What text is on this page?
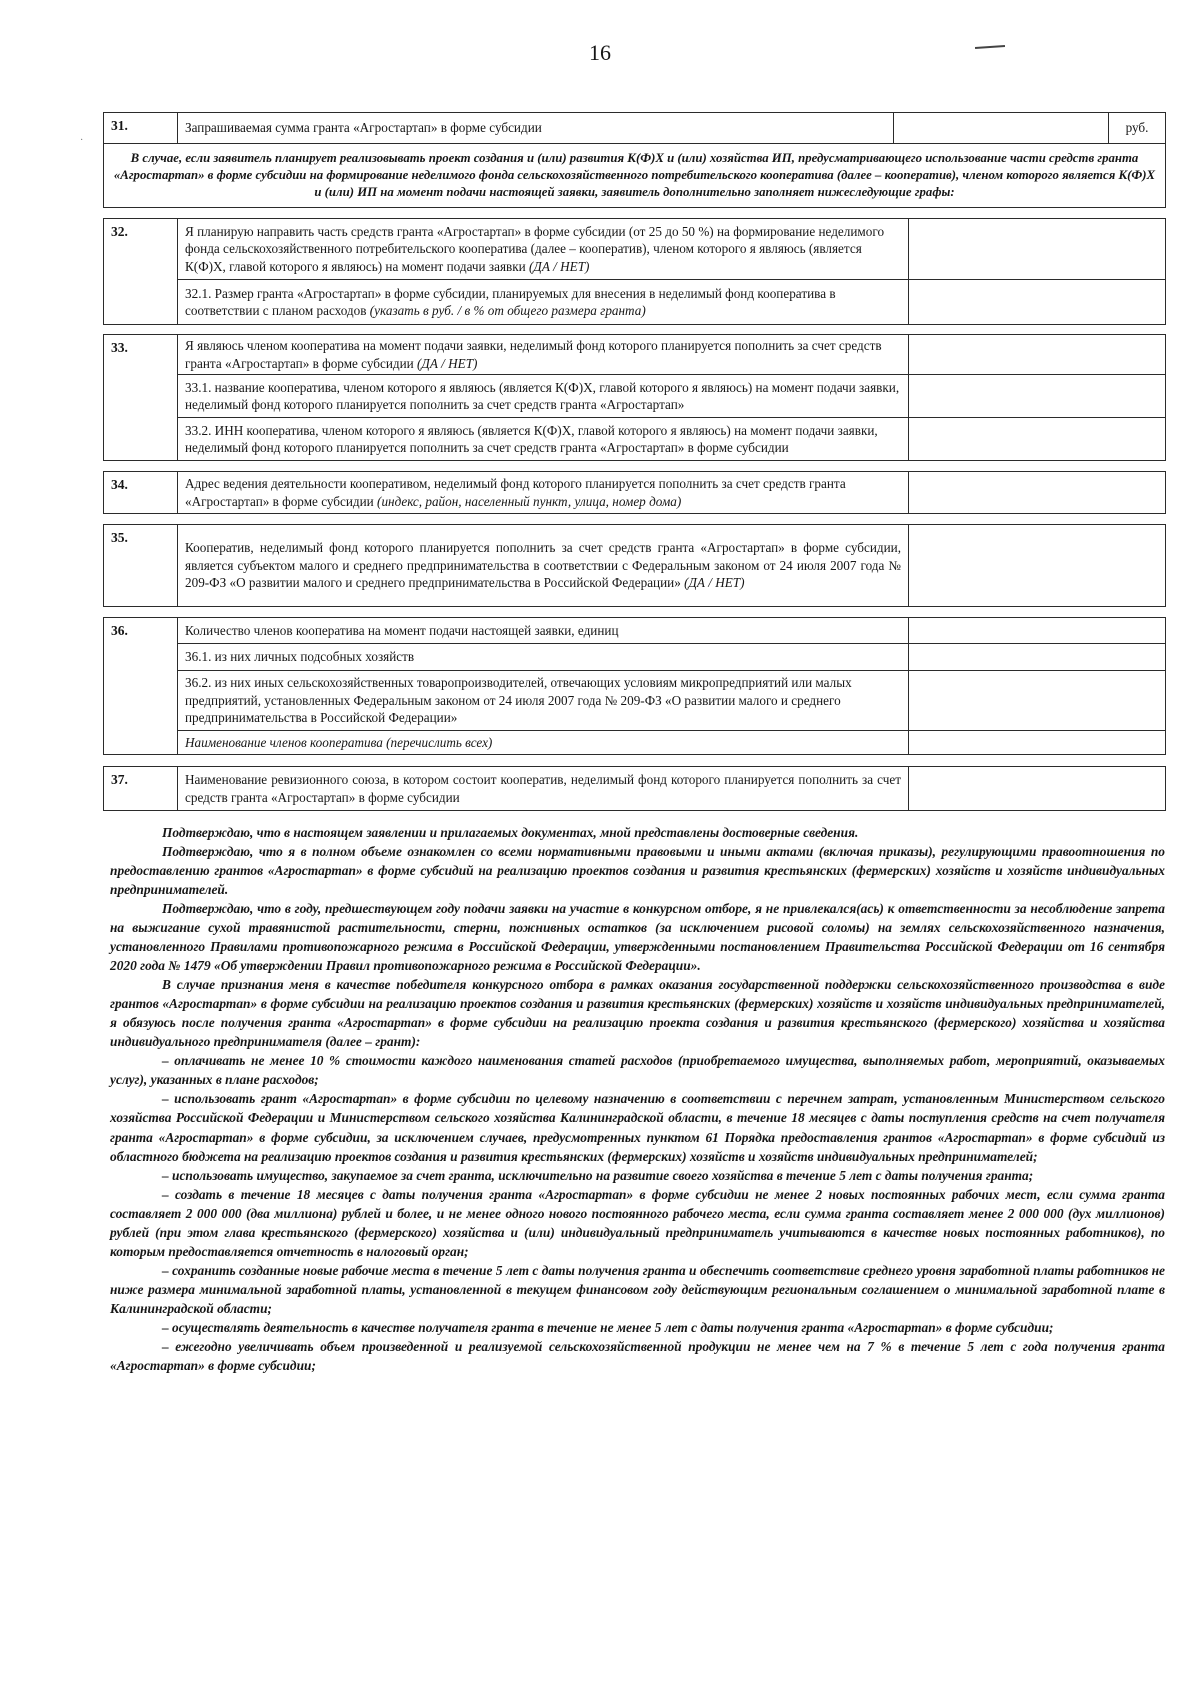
16
·
31.	Запрашиваемая сумма гранта «Агростартап» в форме субсидии		руб.
В случае, если заявитель планирует реализовывать проект создания и (или) развития К(Ф)Х и (или) хозяйства ИП, предусматривающего использование части средств гранта «Агростартап» в форме субсидии на формирование неделимого фонда сельскохозяйственного потребительского кооператива (далее – кооператив), членом которого является К(Ф)Х и (или) ИП на момент подачи настоящей заявки, заявитель дополнительно заполняет нижеследующие графы:
32.	Я планирую направить часть средств гранта «Агростартап» в форме субсидии (от 25 до 50 %) на формирование неделимого фонда сельскохозяйственного потребительского кооператива (далее – кооператив), членом которого я являюсь (является К(Ф)Х, главой которого я являюсь) на момент подачи заявки (ДА / НЕТ)	
	32.1. Размер гранта «Агростартап» в форме субсидии, планируемых для внесения в неделимый фонд кооператива в соответствии с планом расходов (указать в руб. / в % от общего размера гранта)	
33.	Я являюсь членом кооператива на момент подачи заявки, неделимый фонд которого планируется пополнить за счет средств гранта «Агростартап» в форме субсидии (ДА / НЕТ)	
	33.1. название кооператива, членом которого я являюсь (является К(Ф)Х, главой которого я являюсь) на момент подачи заявки, неделимый фонд которого планируется пополнить за счет средств гранта «Агростартап»	
	33.2. ИНН кооператива, членом которого я являюсь (является К(Ф)Х, главой которого я являюсь) на момент подачи заявки, неделимый фонд которого планируется пополнить за счет средств гранта «Агростартап» в форме субсидии	
34.	Адрес ведения деятельности кооперативом, неделимый фонд которого планируется пополнить за счет средств гранта «Агростартап» в форме субсидии (индекс, район, населенный пункт, улица, номер дома)	
35.	Кооператив, неделимый фонд которого планируется пополнить за счет средств гранта «Агростартап» в форме субсидии, является субъектом малого и среднего предпринимательства в соответствии с Федеральным законом от 24 июля 2007 года № 209-ФЗ «О развитии малого и среднего предпринимательства в Российской Федерации» (ДА / НЕТ)	
36.	Количество членов кооператива на момент подачи настоящей заявки, единиц	
	36.1. из них личных подсобных хозяйств	
	36.2. из них иных сельскохозяйственных товаропроизводителей, отвечающих условиям микропредприятий или малых предприятий, установленных Федеральным законом от 24 июля 2007 года № 209-ФЗ «О развитии малого и среднего предпринимательства в Российской Федерации»	
	Наименование членов кооператива (перечислить всех)	
37.	Наименование ревизионного союза, в котором состоит кооператив, неделимый фонд которого планируется пополнить за счет средств гранта «Агростартап» в форме субсидии	

Подтверждаю, что в настоящем заявлении и прилагаемых документах, мной представлены достоверные сведения.

Подтверждаю, что я в полном объеме ознакомлен со всеми нормативными правовыми и иными актами (включая приказы), регулирующими правоотношения по предоставлению грантов «Агростартап» в форме субсидий на реализацию проектов создания и развития крестьянских (фермерских) хозяйств и хозяйств индивидуальных предпринимателей.

Подтверждаю, что в году, предшествующем году подачи заявки на участие в конкурсном отборе, я не привлекался(ась) к ответственности за несоблюдение запрета на выжигание сухой травянистой растительности, стерни, пожнивных остатков (за исключением рисовой соломы) на землях сельскохозяйственного назначения, установленного Правилами противопожарного режима в Российской Федерации, утвержденными постановлением Правительства Российской Федерации от 16 сентября 2020 года № 1479 «Об утверждении Правил противопожарного режима в Российской Федерации».

В случае признания меня в качестве победителя конкурсного отбора в рамках оказания государственной поддержки сельскохозяйственного производства в виде грантов «Агростартап» в форме субсидии на реализацию проектов создания и развития крестьянских (фермерских) хозяйств и хозяйств индивидуальных предпринимателей, я обязуюсь после получения гранта «Агростартап» в форме субсидии на реализацию проекта создания и развития крестьянского (фермерского) хозяйства и хозяйства индивидуального предпринимателя (далее – грант):

– оплачивать не менее 10 % стоимости каждого наименования статей расходов (приобретаемого имущества, выполняемых работ, мероприятий, оказываемых услуг), указанных в плане расходов;

– использовать грант «Агростартап» в форме субсидии по целевому назначению в соответствии с перечнем затрат, установленным Министерством сельского хозяйства Российской Федерации и Министерством сельского хозяйства Калининградской области, в течение 18 месяцев с даты поступления средств на счет получателя гранта «Агростартап» в форме субсидии, за исключением случаев, предусмотренных пунктом 61 Порядка предоставления грантов «Агростартап» в форме субсидий из областного бюджета на реализацию проектов создания и развития крестьянских (фермерских) хозяйств и хозяйств индивидуальных предпринимателей;

– использовать имущество, закупаемое за счет гранта, исключительно на развитие своего хозяйства в течение 5 лет с даты получения гранта;

– создать в течение 18 месяцев с даты получения гранта «Агростартап» в форме субсидии не менее 2 новых постоянных рабочих мест, если сумма гранта составляет 2 000 000 (два миллиона) рублей и более, и не менее одного нового постоянного рабочего места, если сумма гранта составляет менее 2 000 000 (дух миллионов) рублей (при этом глава крестьянского (фермерского) хозяйства и (или) индивидуальный предприниматель учитываются в качестве новых постоянных работников), по которым предоставляется отчетность в налоговый орган;

– сохранить созданные новые рабочие места в течение 5 лет с даты получения гранта и обеспечить соответствие среднего уровня заработной платы работников не ниже размера минимальной заработной платы, установленной в текущем финансовом году действующим региональным соглашением о минимальной заработной плате в Калининградской области;

– осуществлять деятельность в качестве получателя гранта в течение не менее 5 лет с даты получения гранта «Агростартап» в форме субсидии;

– ежегодно увеличивать объем произведенной и реализуемой сельскохозяйственной продукции не менее чем на 7 % в течение 5 лет с года получения гранта «Агростартап» в форме субсидии;
